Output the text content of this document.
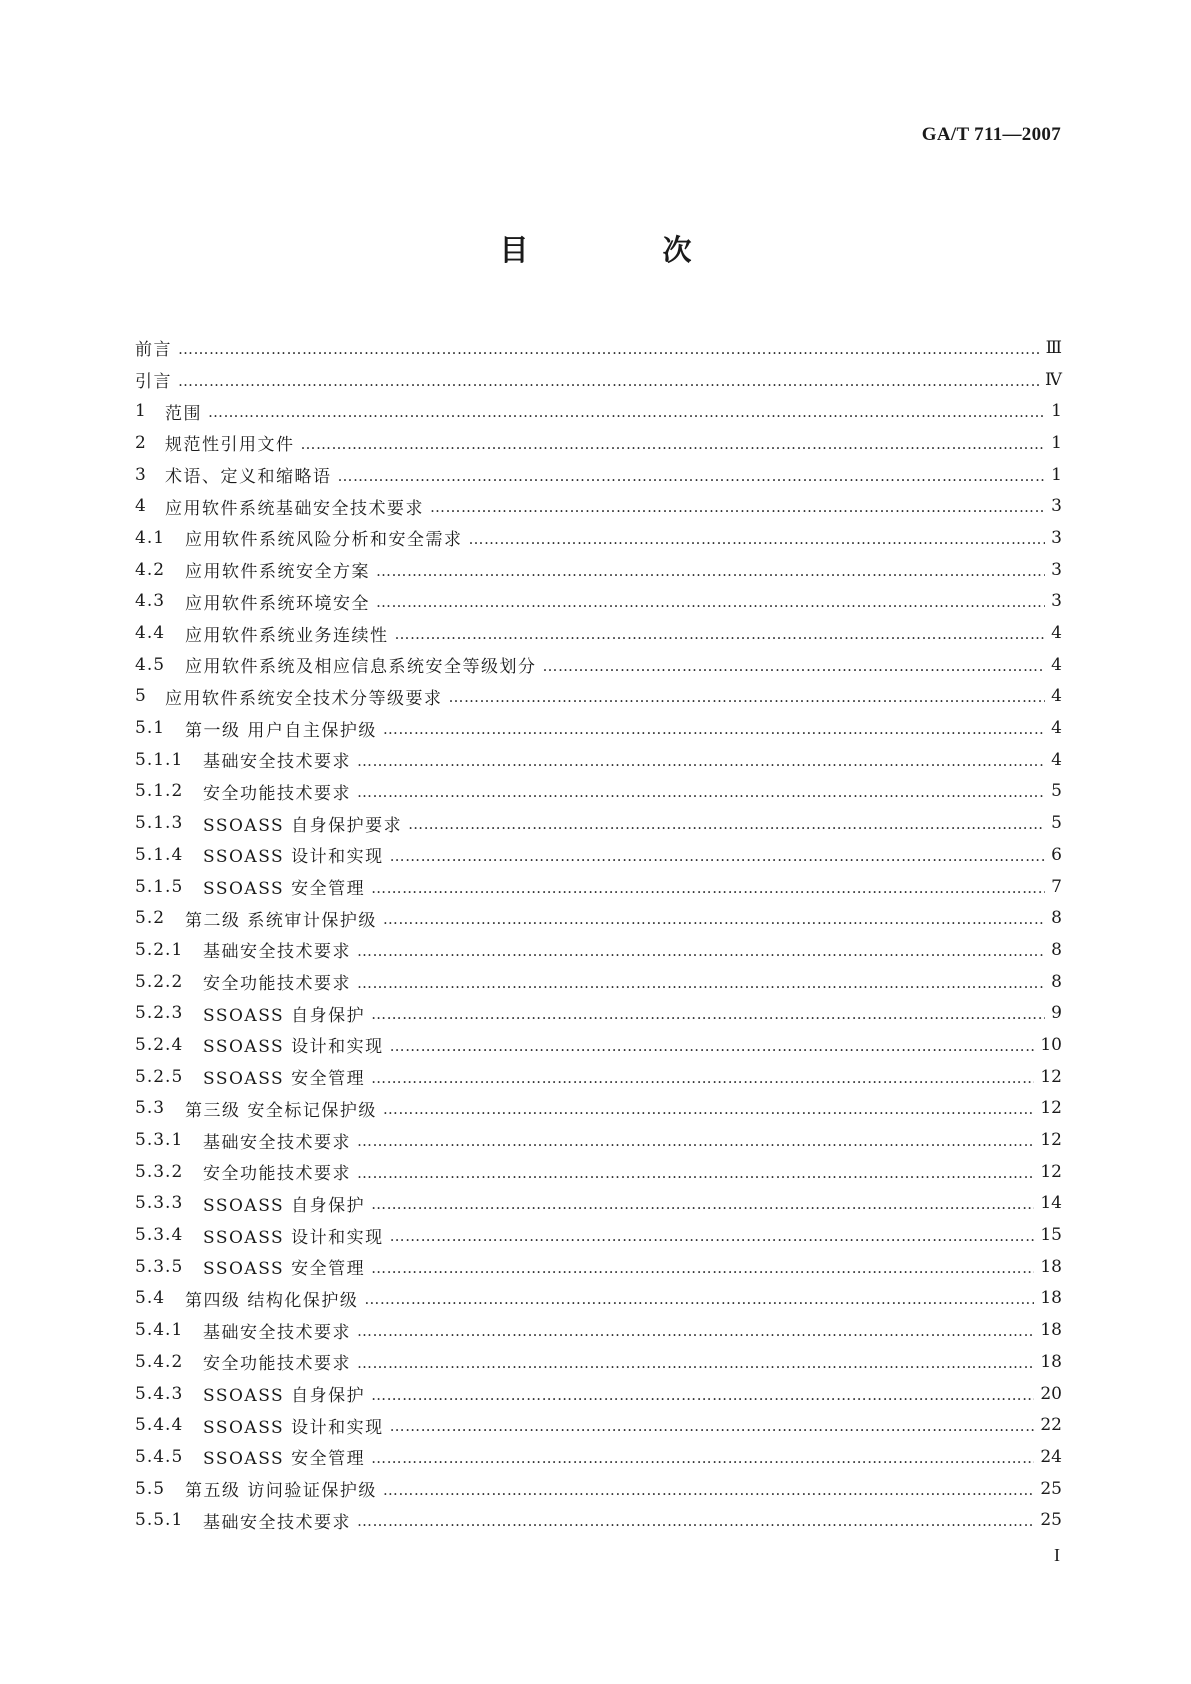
GA/T 711—2007
目 次
前言 …………………………………………………………………………………………………………………………………………………………………………………………………………	Ⅲ
引言 …………………………………………………………………………………………………………………………………………………………………………………………………………	Ⅳ
1	范围 …………………………………………………………………………………………………………………………………………………………………………………………………………	1
2	规范性引用文件 …………………………………………………………………………………………………………………………………………………………………………………………………………	1
3	术语、定义和缩略语 …………………………………………………………………………………………………………………………………………………………………………………………………………	1
4	应用软件系统基础安全技术要求 …………………………………………………………………………………………………………………………………………………………………………………………………………	3
4.1	应用软件系统风险分析和安全需求 …………………………………………………………………………………………………………………………………………………………………………………………………………	3
4.2	应用软件系统安全方案 …………………………………………………………………………………………………………………………………………………………………………………………………………	3
4.3	应用软件系统环境安全 …………………………………………………………………………………………………………………………………………………………………………………………………………	3
4.4	应用软件系统业务连续性 …………………………………………………………………………………………………………………………………………………………………………………………………………	4
4.5	应用软件系统及相应信息系统安全等级划分 …………………………………………………………………………………………………………………………………………………………………………………………………………	4
5	应用软件系统安全技术分等级要求 …………………………………………………………………………………………………………………………………………………………………………………………………………	4
5.1	第一级 用户自主保护级 …………………………………………………………………………………………………………………………………………………………………………………………………………	4
5.1.1	基础安全技术要求 …………………………………………………………………………………………………………………………………………………………………………………………………………	4
5.1.2	安全功能技术要求 …………………………………………………………………………………………………………………………………………………………………………………………………………	5
5.1.3	SSOASS 自身保护要求 …………………………………………………………………………………………………………………………………………………………………………………………………………	5
5.1.4	SSOASS 设计和实现 …………………………………………………………………………………………………………………………………………………………………………………………………………	6
5.1.5	SSOASS 安全管理 …………………………………………………………………………………………………………………………………………………………………………………………………………	7
5.2	第二级 系统审计保护级 …………………………………………………………………………………………………………………………………………………………………………………………………………	8
5.2.1	基础安全技术要求 …………………………………………………………………………………………………………………………………………………………………………………………………………	8
5.2.2	安全功能技术要求 …………………………………………………………………………………………………………………………………………………………………………………………………………	8
5.2.3	SSOASS 自身保护 …………………………………………………………………………………………………………………………………………………………………………………………………………	9
5.2.4	SSOASS 设计和实现 …………………………………………………………………………………………………………………………………………………………………………………………………………	10
5.2.5	SSOASS 安全管理 …………………………………………………………………………………………………………………………………………………………………………………………………………	12
5.3	第三级 安全标记保护级 …………………………………………………………………………………………………………………………………………………………………………………………………………	12
5.3.1	基础安全技术要求 …………………………………………………………………………………………………………………………………………………………………………………………………………	12
5.3.2	安全功能技术要求 …………………………………………………………………………………………………………………………………………………………………………………………………………	12
5.3.3	SSOASS 自身保护 …………………………………………………………………………………………………………………………………………………………………………………………………………	14
5.3.4	SSOASS 设计和实现 …………………………………………………………………………………………………………………………………………………………………………………………………………	15
5.3.5	SSOASS 安全管理 …………………………………………………………………………………………………………………………………………………………………………………………………………	18
5.4	第四级 结构化保护级 …………………………………………………………………………………………………………………………………………………………………………………………………………	18
5.4.1	基础安全技术要求 …………………………………………………………………………………………………………………………………………………………………………………………………………	18
5.4.2	安全功能技术要求 …………………………………………………………………………………………………………………………………………………………………………………………………………	18
5.4.3	SSOASS 自身保护 …………………………………………………………………………………………………………………………………………………………………………………………………………	20
5.4.4	SSOASS 设计和实现 …………………………………………………………………………………………………………………………………………………………………………………………………………	22
5.4.5	SSOASS 安全管理 …………………………………………………………………………………………………………………………………………………………………………………………………………	24
5.5	第五级 访问验证保护级 …………………………………………………………………………………………………………………………………………………………………………………………………………	25
5.5.1	基础安全技术要求 …………………………………………………………………………………………………………………………………………………………………………………………………………	25
I
